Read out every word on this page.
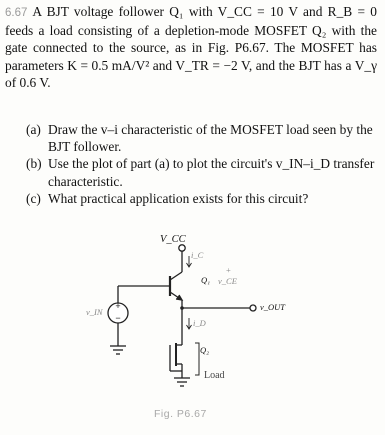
6.67 A BJT voltage follower Q₁ with V_CC = 10 V and R_B = 0 feeds a load consisting of a depletion-mode MOSFET Q₂ with the gate connected to the source, as in Fig. P6.67. The MOSFET has parameters K = 0.5 mA/V² and V_TR = −2 V, and the BJT has a V_γ of 0.6 V.
(a) Draw the v–i characteristic of the MOSFET load seen by the BJT follower.
(b) Use the plot of part (a) to plot the circuit's v_IN–i_D transfer characteristic.
(c) What practical application exists for this circuit?
+
−
V_CC
i_C
Q₁
+
v_CE
v_IN	v_OUT
i_D
Q₂
Load
Fig. P6.67
